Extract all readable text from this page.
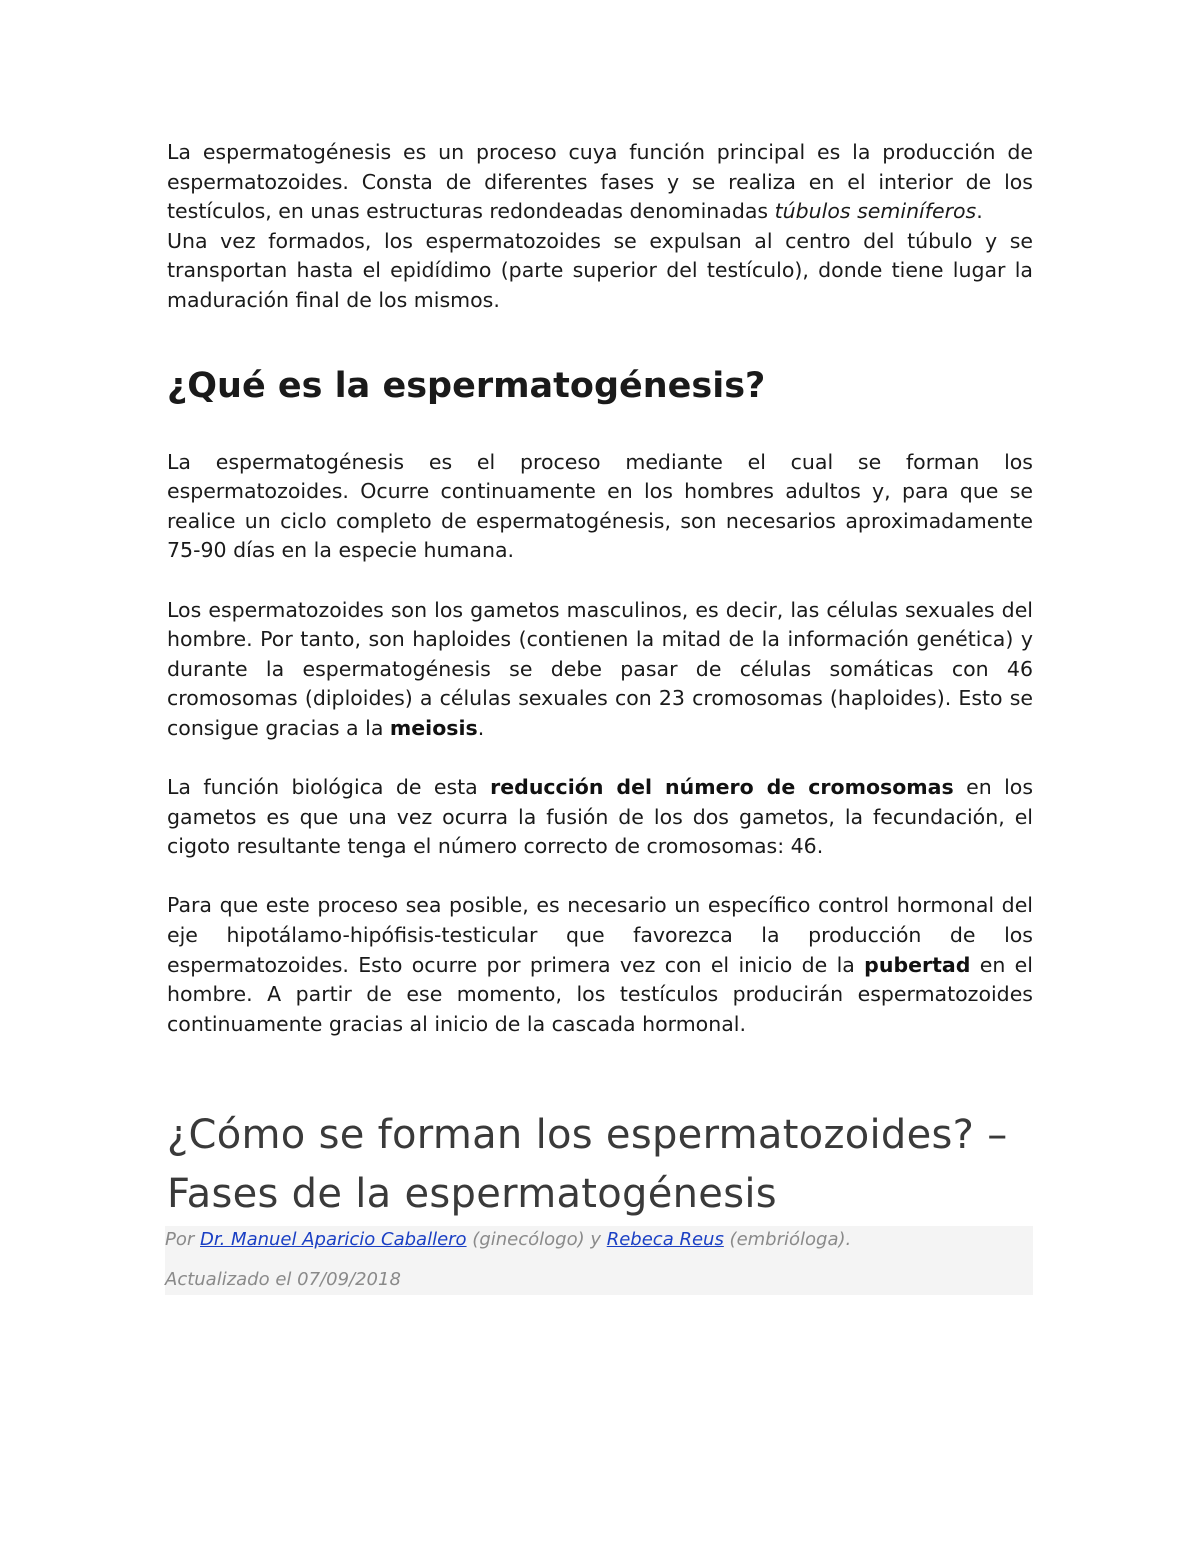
La espermatogénesis es un proceso cuya función principal es la producción de espermatozoides. Consta de diferentes fases y se realiza en el interior de los testículos, en unas estructuras redondeadas denominadas túbulos seminíferos.

Una vez formados, los espermatozoides se expulsan al centro del túbulo y se transportan hasta el epidídimo (parte superior del testículo), donde tiene lugar la maduración final de los mismos.

¿Qué es la espermatogénesis?

La espermatogénesis es el proceso mediante el cual se forman los espermatozoides. Ocurre continuamente en los hombres adultos y, para que se realice un ciclo completo de espermatogénesis, son necesarios aproximadamente 75-90 días en la especie humana.

Los espermatozoides son los gametos masculinos, es decir, las células sexuales del hombre. Por tanto, son haploides (contienen la mitad de la información genética) y durante la espermatogénesis se debe pasar de células somáticas con 46 cromosomas (diploides) a células sexuales con 23 cromosomas (haploides). Esto se consigue gracias a la meiosis.

La función biológica de esta reducción del número de cromosomas en los gametos es que una vez ocurra la fusión de los dos gametos, la fecundación, el cigoto resultante tenga el número correcto de cromosomas: 46.

Para que este proceso sea posible, es necesario un específico control hormonal del eje hipotálamo-hipófisis-testicular que favorezca la producción de los espermatozoides. Esto ocurre por primera vez con el inicio de la pubertad en el hombre. A partir de ese momento, los testículos producirán espermatozoides continuamente gracias al inicio de la cascada hormonal.

¿Cómo se forman los espermatozoides? – Fases de la espermatogénesis
Por Dr. Manuel Aparicio Caballero (ginecólogo) y Rebeca Reus (embrióloga).
Actualizado el 07/09/2018
